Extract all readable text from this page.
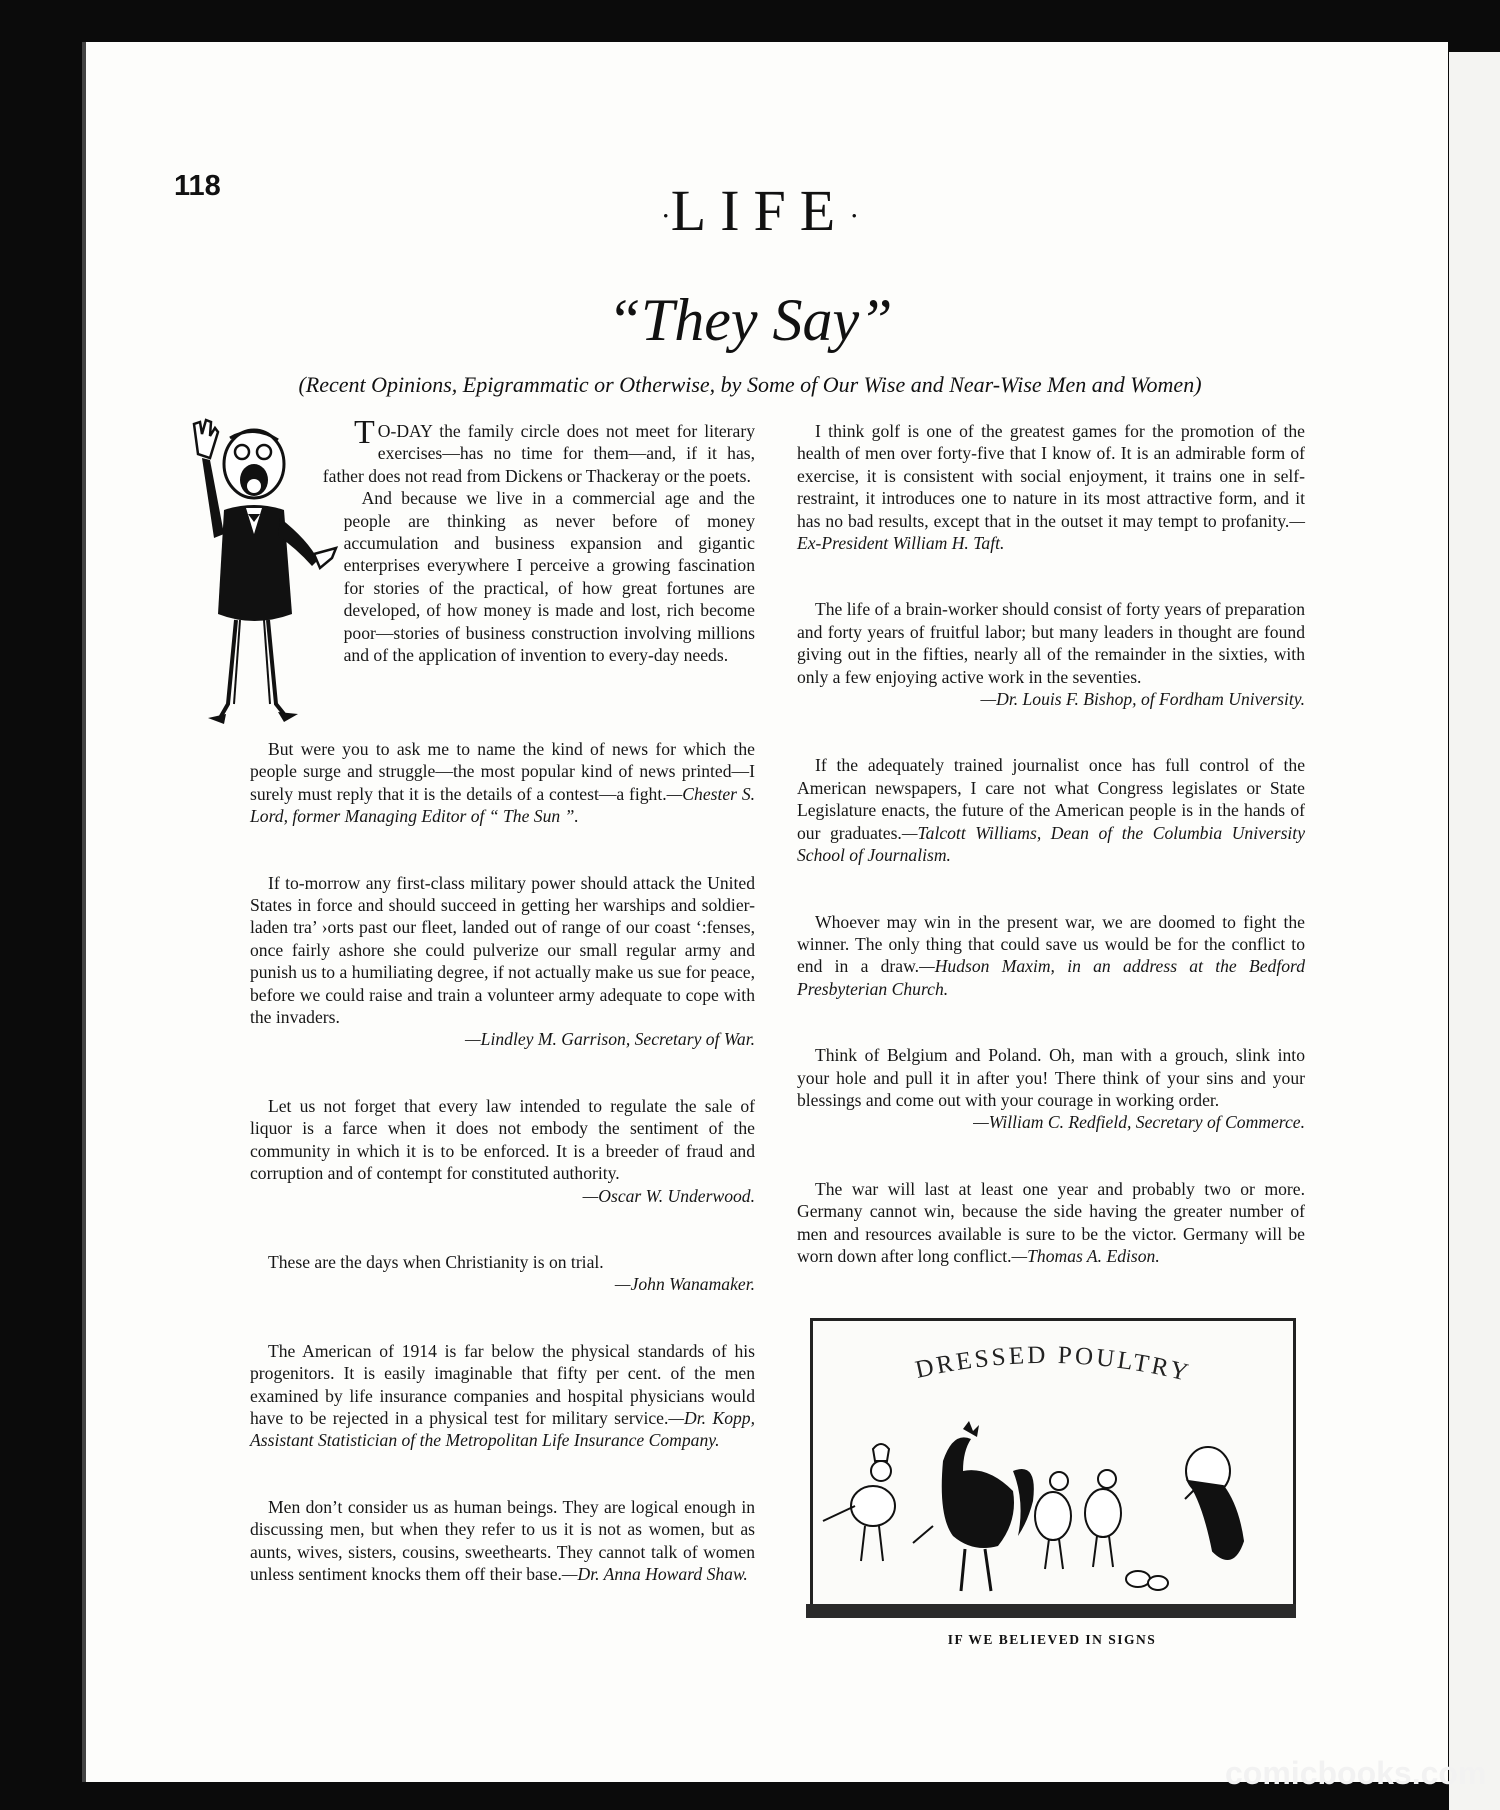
118
·LIFE·
“They Say”
(Recent Opinions, Epigrammatic or Otherwise, by Some of Our Wise and Near-Wise Men and Women)

T O-DAY the family circle does not meet for literary exercises—has no time for them—and, if it has, father does not read from Dickens or Thackeray or the poets.

And because we live in a commercial age and the people are thinking as never before of money accumulation and business expansion and gigantic enterprises everywhere I perceive a growing fascination for stories of the practical, of how great fortunes are developed, of how money is made and lost, rich become poor—stories of business construction involving millions and of the application of invention to every-day needs.

But were you to ask me to name the kind of news for which the people surge and struggle—the most popular kind of news printed—I surely must reply that it is the details of a contest—a fight.—Chester S. Lord, former Managing Editor of “ The Sun ”.

If to-morrow any first-class military power should attack the United States in force and should succeed in getting her warships and soldier-laden tra’ ›orts past our fleet, landed out of range of our coast ‘:fenses, once fairly ashore she could pulverize our small regular army and punish us to a humiliating degree, if not actually make us sue for peace, before we could raise and train a volunteer army adequate to cope with the invaders.

—Lindley M. Garrison, Secretary of War.

Let us not forget that every law intended to regulate the sale of liquor is a farce when it does not embody the sentiment of the community in which it is to be enforced. It is a breeder of fraud and corruption and of contempt for constituted authority.

—Oscar W. Underwood.

These are the days when Christianity is on trial.

—John Wanamaker.

The American of 1914 is far below the physical standards of his progenitors. It is easily imaginable that fifty per cent. of the men examined by life insurance companies and hospital physicians would have to be rejected in a physical test for military service.—Dr. Kopp, Assistant Statistician of the Metropolitan Life Insurance Company.

Men don’t consider us as human beings. They are logical enough in discussing men, but when they refer to us it is not as women, but as aunts, wives, sisters, cousins, sweethearts. They cannot talk of women unless sentiment knocks them off their base.—Dr. Anna Howard Shaw.

I think golf is one of the greatest games for the promotion of the health of men over forty-five that I know of. It is an admirable form of exercise, it is consistent with social enjoyment, it trains one in self-restraint, it introduces one to nature in its most attractive form, and it has no bad results, except that in the outset it may tempt to profanity.—Ex-President William H. Taft.

The life of a brain-worker should consist of forty years of preparation and forty years of fruitful labor; but many leaders in thought are found giving out in the fifties, nearly all of the remainder in the sixties, with only a few enjoying active work in the seventies.

—Dr. Louis F. Bishop, of Fordham University.

If the adequately trained journalist once has full control of the American newspapers, I care not what Congress legislates or State Legislature enacts, the future of the American people is in the hands of our graduates.—Talcott Williams, Dean of the Columbia University School of Journalism.

Whoever may win in the present war, we are doomed to fight the winner. The only thing that could save us would be for the conflict to end in a draw.—Hudson Maxim, in an address at the Bedford Presbyterian Church.

Think of Belgium and Poland. Oh, man with a grouch, slink into your hole and pull it in after you! There think of your sins and your blessings and come out with your courage in working order.

—William C. Redfield, Secretary of Commerce.

The war will last at least one year and probably two or more. Germany cannot win, because the side having the greater number of men and resources available is sure to be the victor. Germany will be worn down after long conflict.—Thomas A. Edison.

DRESSED POULTRY
IF WE BELIEVED IN SIGNS
comicbooks.com
